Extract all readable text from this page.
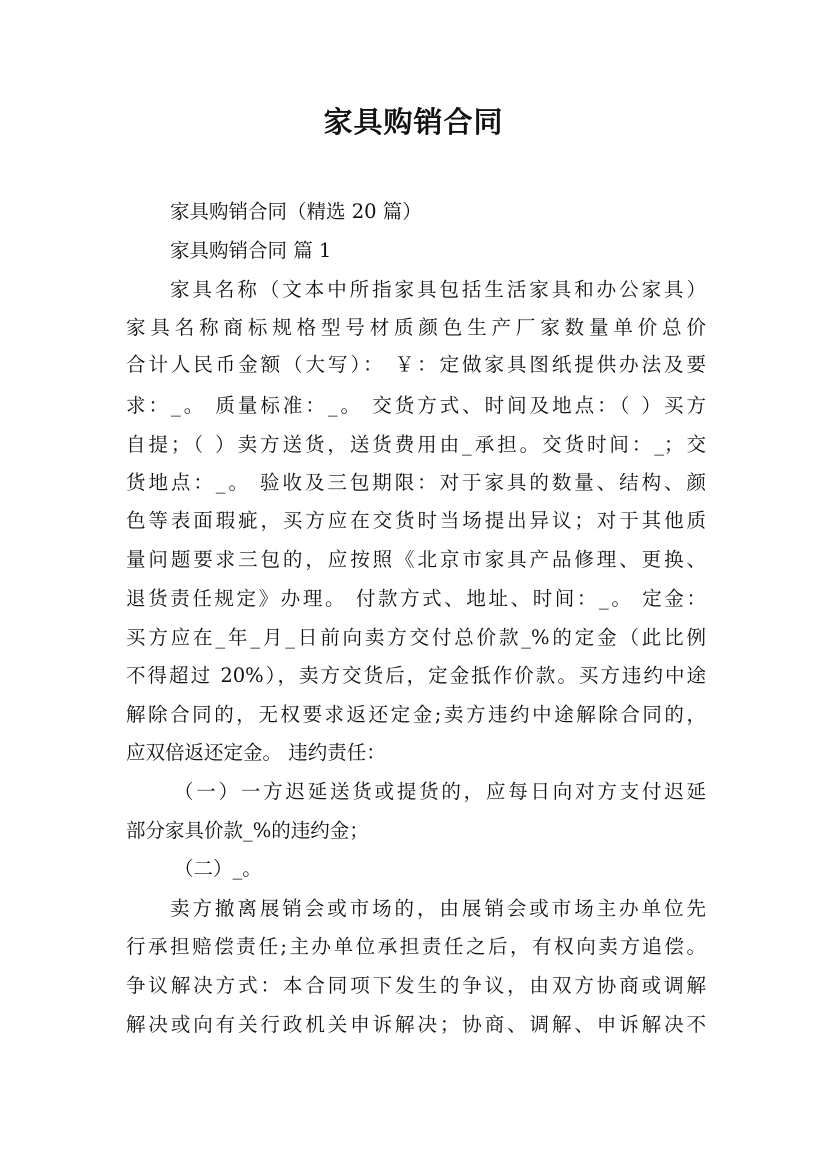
家具购销合同
家具购销合同（精选 20 篇）
家具购销合同 篇 1
家具名称（文本中所指家具包括生活家具和办公家具）
家具名称商标规格型号材质颜色生产厂家数量单价总价
合计人民币金额（大写）： ￥：定做家具图纸提供办法及要
求：_。 质量标准：_。 交货方式、时间及地点：（ ）买方
自提；（ ）卖方送货，送货费用由_承担。交货时间：_；交
货地点：_。 验收及三包期限：对于家具的数量、结构、颜
色等表面瑕疵，买方应在交货时当场提出异议；对于其他质
量问题要求三包的，应按照《北京市家具产品修理、更换、
退货责任规定》办理。 付款方式、地址、时间：_。 定金：
买方应在_年_月_日前向卖方交付总价款_%的定金（此比例
不得超过 20%），卖方交货后，定金抵作价款。买方违约中途
解除合同的，无权要求返还定金;卖方违约中途解除合同的，
应双倍返还定金。 违约责任：
（一）一方迟延送货或提货的，应每日向对方支付迟延
部分家具价款_%的违约金；
（二）_。
卖方撤离展销会或市场的，由展销会或市场主办单位先
行承担赔偿责任;主办单位承担责任之后，有权向卖方追偿。
争议解决方式：本合同项下发生的争议，由双方协商或调解
解决或向有关行政机关申诉解决；协商、调解、申诉解决不
